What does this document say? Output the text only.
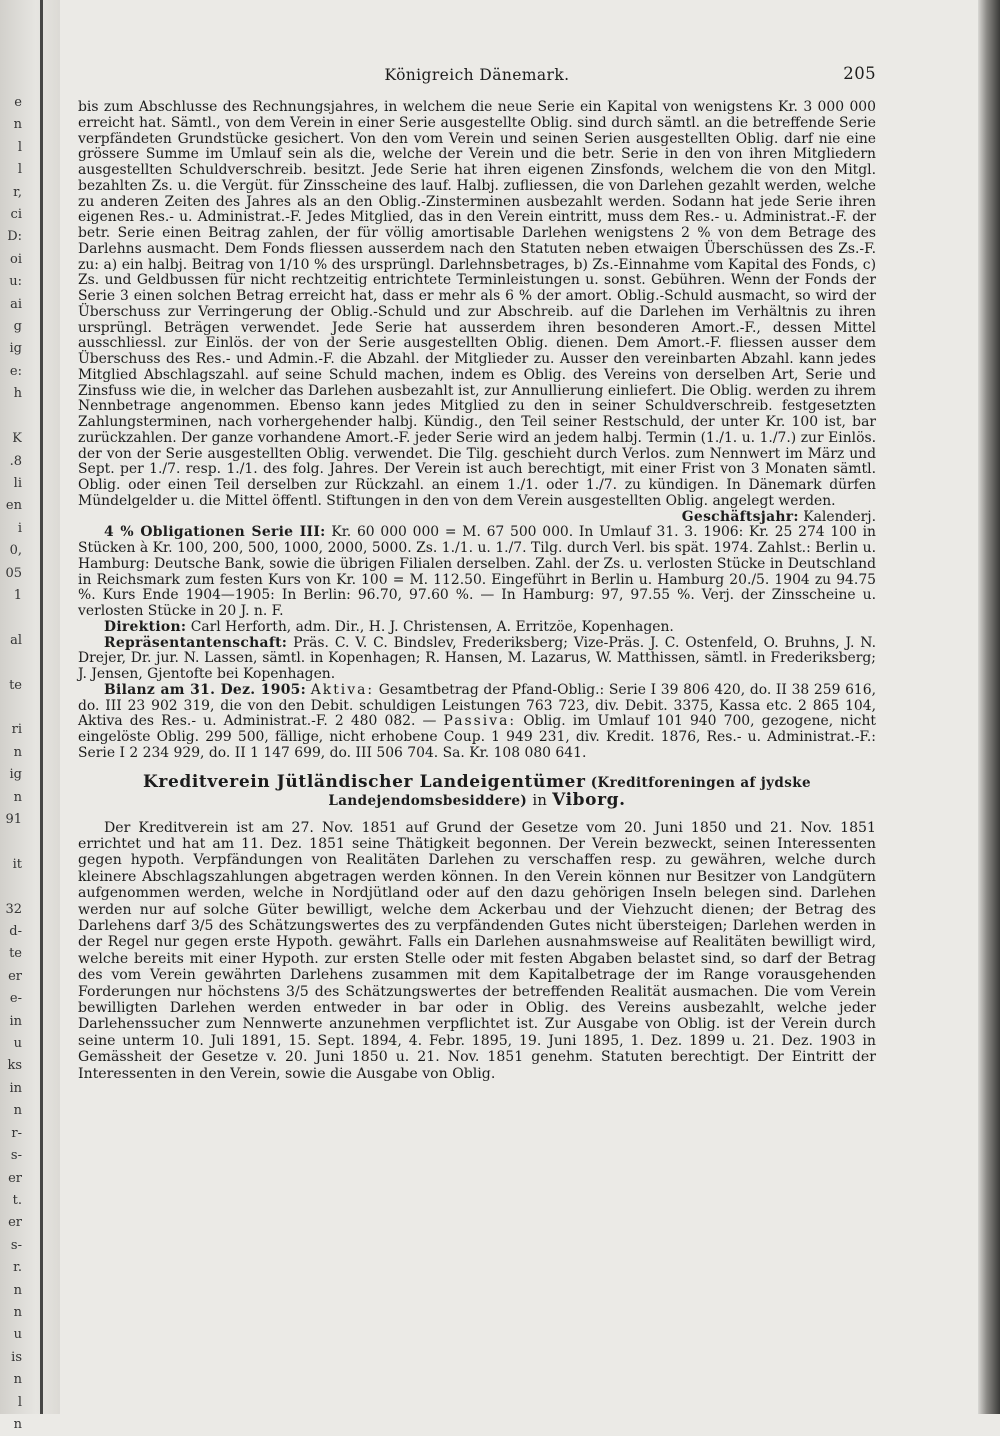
e
n
l
l
r,
ci
D:
oi
u:
ai
g
ig
e:
h

K
.8
li
en
i
0,
05
1

al

te

ri
n
ig
n
91

it

32
d-
te
er
e-
in
u
ks
in
n
r-
s-
er
t.
er
s-
r.
n
n
u
is
n
l
n
Königreich Dänemark.	205

bis zum Abschlusse des Rechnungsjahres, in welchem die neue Serie ein Kapital von wenigstens Kr. 3 000 000 erreicht hat. Sämtl., von dem Verein in einer Serie ausgestellte Oblig. sind durch sämtl. an die betreffende Serie verpfändeten Grundstücke gesichert. Von den vom Verein und seinen Serien ausgestellten Oblig. darf nie eine grössere Summe im Umlauf sein als die, welche der Verein und die betr. Serie in den von ihren Mitgliedern ausgestellten Schuldverschreib. besitzt. Jede Serie hat ihren eigenen Zinsfonds, welchem die von den Mitgl. bezahlten Zs. u. die Vergüt. für Zinsscheine des lauf. Halbj. zufliessen, die von Darlehen gezahlt werden, welche zu anderen Zeiten des Jahres als an den Oblig.-Zinsterminen ausbezahlt werden. Sodann hat jede Serie ihren eigenen Res.- u. Administrat.-F. Jedes Mitglied, das in den Verein eintritt, muss dem Res.- u. Administrat.-F. der betr. Serie einen Beitrag zahlen, der für völlig amortisable Darlehen wenigstens 2 % von dem Betrage des Darlehns ausmacht. Dem Fonds fliessen ausserdem nach den Statuten neben etwaigen Überschüssen des Zs.-F. zu: a) ein halbj. Beitrag von 1/10 % des ursprüngl. Darlehnsbetrages, b) Zs.-Einnahme vom Kapital des Fonds, c) Zs. und Geldbussen für nicht rechtzeitig entrichtete Terminleistungen u. sonst. Gebühren. Wenn der Fonds der Serie 3 einen solchen Betrag erreicht hat, dass er mehr als 6 % der amort. Oblig.-Schuld ausmacht, so wird der Überschuss zur Verringerung der Oblig.-Schuld und zur Abschreib. auf die Darlehen im Verhältnis zu ihren ursprüngl. Beträgen verwendet. Jede Serie hat ausserdem ihren besonderen Amort.-F., dessen Mittel ausschliessl. zur Einlös. der von der Serie ausgestellten Oblig. dienen. Dem Amort.-F. fliessen ausser dem Überschuss des Res.- und Admin.-F. die Abzahl. der Mitglieder zu. Ausser den vereinbarten Abzahl. kann jedes Mitglied Abschlagszahl. auf seine Schuld machen, indem es Oblig. des Vereins von derselben Art, Serie und Zinsfuss wie die, in welcher das Darlehen ausbezahlt ist, zur Annullierung einliefert. Die Oblig. werden zu ihrem Nennbetrage angenommen. Ebenso kann jedes Mitglied zu den in seiner Schuldverschreib. festgesetzten Zahlungsterminen, nach vorhergehender halbj. Kündig., den Teil seiner Restschuld, der unter Kr. 100 ist, bar zurückzahlen. Der ganze vorhandene Amort.-F. jeder Serie wird an jedem halbj. Termin (1./1. u. 1./7.) zur Einlös. der von der Serie ausgestellten Oblig. verwendet. Die Tilg. geschieht durch Verlos. zum Nennwert im März und Sept. per 1./7. resp. 1./1. des folg. Jahres. Der Verein ist auch berechtigt, mit einer Frist von 3 Monaten sämtl. Oblig. oder einen Teil derselben zur Rückzahl. an einem 1./1. oder 1./7. zu kündigen. In Dänemark dürfen Mündelgelder u. die Mittel öffentl. Stiftungen in den von dem Verein ausgestellten Oblig. angelegt werden.

Geschäftsjahr: Kalenderj.

4 % Obligationen Serie III: Kr. 60 000 000 = M. 67 500 000. In Umlauf 31. 3. 1906: Kr. 25 274 100 in Stücken à Kr. 100, 200, 500, 1000, 2000, 5000. Zs. 1./1. u. 1./7. Tilg. durch Verl. bis spät. 1974. Zahlst.: Berlin u. Hamburg: Deutsche Bank, sowie die übrigen Filialen derselben. Zahl. der Zs. u. verlosten Stücke in Deutschland in Reichsmark zum festen Kurs von Kr. 100 = M. 112.50. Eingeführt in Berlin u. Hamburg 20./5. 1904 zu 94.75 %. Kurs Ende 1904—1905: In Berlin: 96.70, 97.60 %. — In Hamburg: 97, 97.55 %. Verj. der Zinsscheine u. verlosten Stücke in 20 J. n. F.

Direktion: Carl Herforth, adm. Dir., H. J. Christensen, A. Erritzöe, Kopenhagen.

Repräsentantenschaft: Präs. C. V. C. Bindslev, Frederiksberg; Vize-Präs. J. C. Ostenfeld, O. Bruhns, J. N. Drejer, Dr. jur. N. Lassen, sämtl. in Kopenhagen; R. Hansen, M. Lazarus, W. Matthissen, sämtl. in Frederiksberg; J. Jensen, Gjentofte bei Kopenhagen.

Bilanz am 31. Dez. 1905: Aktiva: Gesamtbetrag der Pfand-Oblig.: Serie I 39 806 420, do. II 38 259 616, do. III 23 902 319, die von den Debit. schuldigen Leistungen 763 723, div. Debit. 3375, Kassa etc. 2 865 104, Aktiva des Res.- u. Administrat.-F. 2 480 082. — Passiva: Oblig. im Umlauf 101 940 700, gezogene, nicht eingelöste Oblig. 299 500, fällige, nicht erhobene Coup. 1 949 231, div. Kredit. 1876, Res.- u. Administrat.-F.: Serie I 2 234 929, do. II 1 147 699, do. III 506 704. Sa. Kr. 108 080 641.

Kreditverein Jütländischer Landeigentümer (Kreditforeningen af jydske Landejendomsbesiddere) in Viborg.

Der Kreditverein ist am 27. Nov. 1851 auf Grund der Gesetze vom 20. Juni 1850 und 21. Nov. 1851 errichtet und hat am 11. Dez. 1851 seine Thätigkeit begonnen. Der Verein bezweckt, seinen Interessenten gegen hypoth. Verpfändungen von Realitäten Darlehen zu verschaffen resp. zu gewähren, welche durch kleinere Abschlagszahlungen abgetragen werden können. In den Verein können nur Besitzer von Landgütern aufgenommen werden, welche in Nordjütland oder auf den dazu gehörigen Inseln belegen sind. Darlehen werden nur auf solche Güter bewilligt, welche dem Ackerbau und der Viehzucht dienen; der Betrag des Darlehens darf 3/5 des Schätzungswertes des zu verpfändenden Gutes nicht übersteigen; Darlehen werden in der Regel nur gegen erste Hypoth. gewährt. Falls ein Darlehen ausnahmsweise auf Realitäten bewilligt wird, welche bereits mit einer Hypoth. zur ersten Stelle oder mit festen Abgaben belastet sind, so darf der Betrag des vom Verein gewährten Darlehens zusammen mit dem Kapitalbetrage der im Range vorausgehenden Forderungen nur höchstens 3/5 des Schätzungswertes der betreffenden Realität ausmachen. Die vom Verein bewilligten Darlehen werden entweder in bar oder in Oblig. des Vereins ausbezahlt, welche jeder Darlehenssucher zum Nennwerte anzunehmen verpflichtet ist. Zur Ausgabe von Oblig. ist der Verein durch seine unterm 10. Juli 1891, 15. Sept. 1894, 4. Febr. 1895, 19. Juni 1895, 1. Dez. 1899 u. 21. Dez. 1903 in Gemässheit der Gesetze v. 20. Juni 1850 u. 21. Nov. 1851 genehm. Statuten berechtigt. Der Eintritt der Interessenten in den Verein, sowie die Ausgabe von Oblig.
